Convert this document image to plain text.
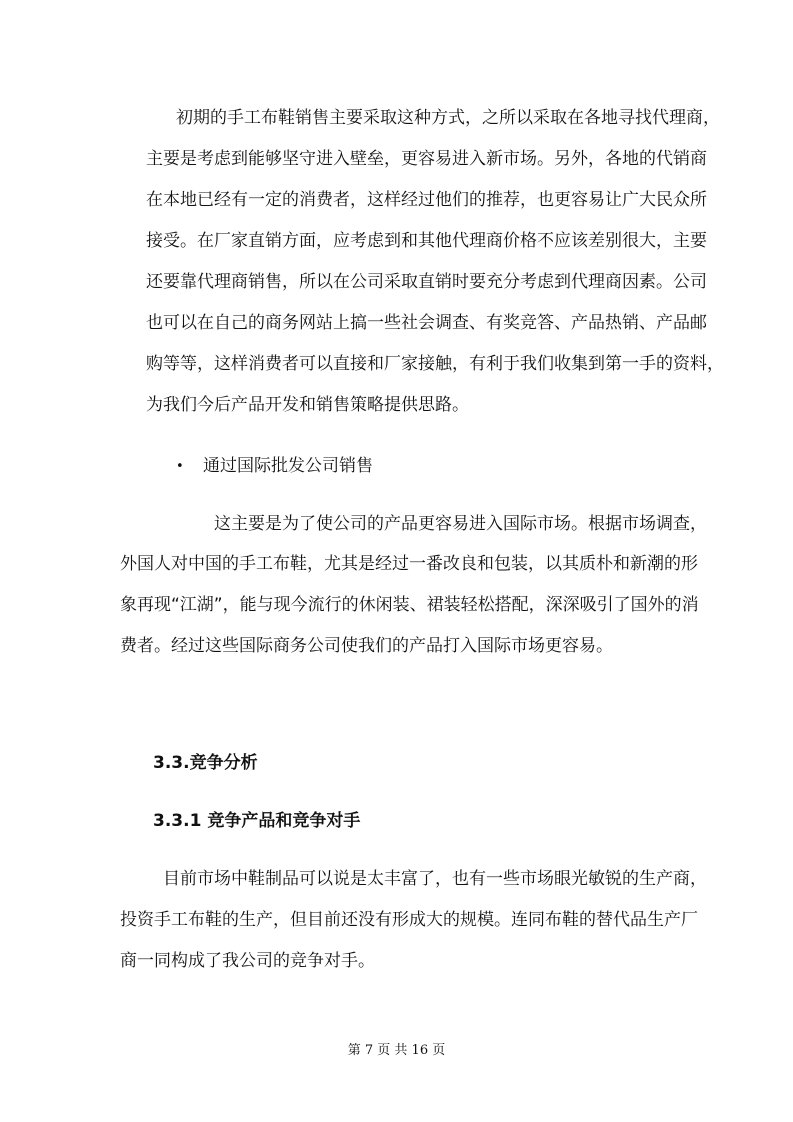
初期的手工布鞋销售主要采取这种方式，之所以采取在各地寻找代理商，
主要是考虑到能够坚守进入壁垒，更容易进入新市场。另外，各地的代销商
在本地已经有一定的消费者，这样经过他们的推荐，也更容易让广大民众所
接受。在厂家直销方面，应考虑到和其他代理商价格不应该差别很大，主要
还要靠代理商销售，所以在公司采取直销时要充分考虑到代理商因素。公司
也可以在自己的商务网站上搞一些社会调查、有奖竞答、产品热销、产品邮
购等等，这样消费者可以直接和厂家接触，有利于我们收集到第一手的资料，
为我们今后产品开发和销售策略提供思路。
• 通过国际批发公司销售
这主要是为了使公司的产品更容易进入国际市场。根据市场调查，
外国人对中国的手工布鞋，尤其是经过一番改良和包装，以其质朴和新潮的形
象再现“江湖”，能与现今流行的休闲装、裙装轻松搭配，深深吸引了国外的消
费者。经过这些国际商务公司使我们的产品打入国际市场更容易。
3.3.竞争分析
3.3.1 竞争产品和竞争对手
目前市场中鞋制品可以说是太丰富了，也有一些市场眼光敏锐的生产商，
投资手工布鞋的生产，但目前还没有形成大的规模。连同布鞋的替代品生产厂
商一同构成了我公司的竞争对手。
第 7 页 共 16 页
